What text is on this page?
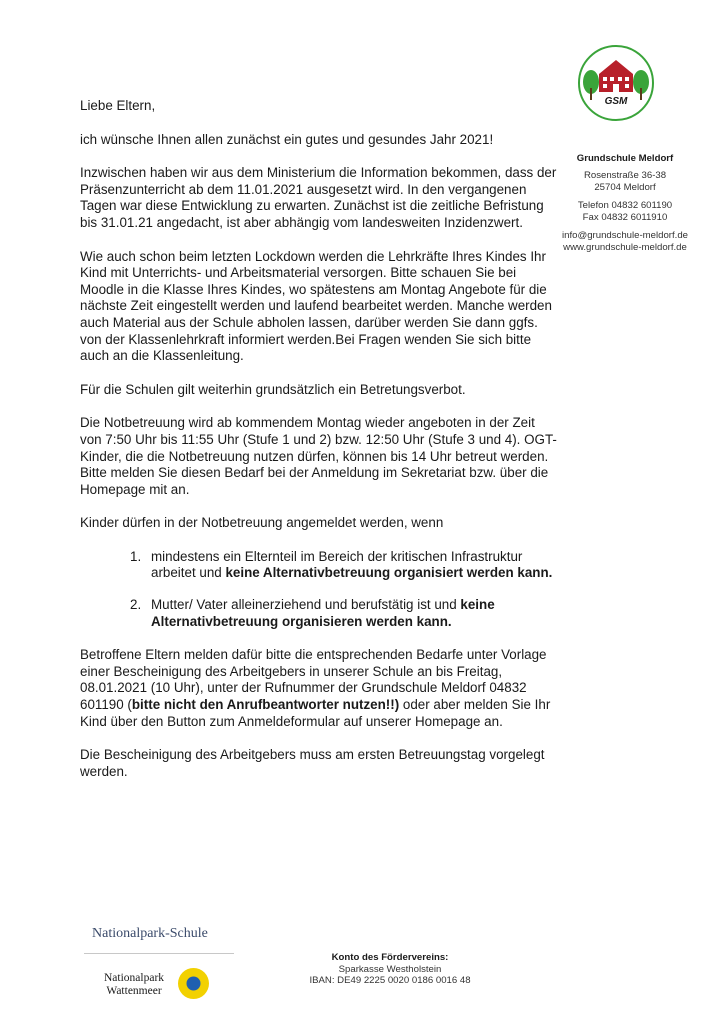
GSM
Grundschule Meldorf
Rosenstraße 36-38
25704 Meldorf
Telefon 04832 601190
Fax 04832 6011910
info@grundschule-meldorf.de
www.grundschule-meldorf.de

Liebe Eltern,

ich wünsche Ihnen allen zunächst ein gutes und gesundes Jahr 2021!

Inzwischen haben wir aus dem Ministerium die Information bekommen, dass der Präsenzunterricht ab dem 11.01.2021 ausgesetzt wird. In den vergangenen Tagen war diese Entwicklung zu erwarten. Zunächst ist die zeitliche Befristung bis 31.01.21 angedacht, ist aber abhängig vom landesweiten Inzidenzwert.

Wie auch schon beim letzten Lockdown werden die Lehrkräfte Ihres Kindes Ihr Kind mit Unterrichts- und Arbeitsmaterial versorgen. Bitte schauen Sie bei Moodle in die Klasse Ihres Kindes, wo spätestens am Montag Angebote für die nächste Zeit eingestellt werden und laufend bearbeitet werden. Manche werden auch Material aus der Schule abholen lassen, darüber werden Sie dann ggfs. von der Klassenlehrkraft informiert werden.Bei Fragen wenden Sie sich bitte auch an die Klassenleitung.

Für die Schulen gilt weiterhin grundsätzlich ein Betretungsverbot.

Die Notbetreuung wird ab kommendem Montag wieder angeboten in der Zeit von 7:50 Uhr bis 11:55 Uhr (Stufe 1 und 2) bzw. 12:50 Uhr (Stufe 3 und 4). OGT- Kinder, die die Notbetreuung nutzen dürfen, können bis 14 Uhr betreut werden. Bitte melden Sie diesen Bedarf bei der Anmeldung im Sekretariat bzw. über die Homepage mit an.

Kinder dürfen in der Notbetreuung angemeldet werden, wenn

1. mindestens ein Elternteil im Bereich der kritischen Infrastruktur arbeitet und keine Alternativbetreuung organisiert werden kann.
2. Mutter/ Vater alleinerziehend und berufstätig ist und keine Alternativbetreuung organisieren werden kann.

Betroffene Eltern melden dafür bitte die entsprechenden Bedarfe unter Vorlage einer Bescheinigung des Arbeitgebers in unserer Schule an bis Freitag, 08.01.2021 (10 Uhr), unter der Rufnummer der Grundschule Meldorf 04832 601190 (bitte nicht den Anrufbeantworter nutzen!!) oder aber melden Sie Ihr Kind über den Button zum Anmeldeformular auf unserer Homepage an.

Die Bescheinigung des Arbeitgebers muss am ersten Betreuungstag vorgelegt werden.

Nationalpark-Schule
Nationalpark
Wattenmeer
Konto des Fördervereins:
Sparkasse Westholstein
IBAN: DE49 2225 0020 0186 0016 48
